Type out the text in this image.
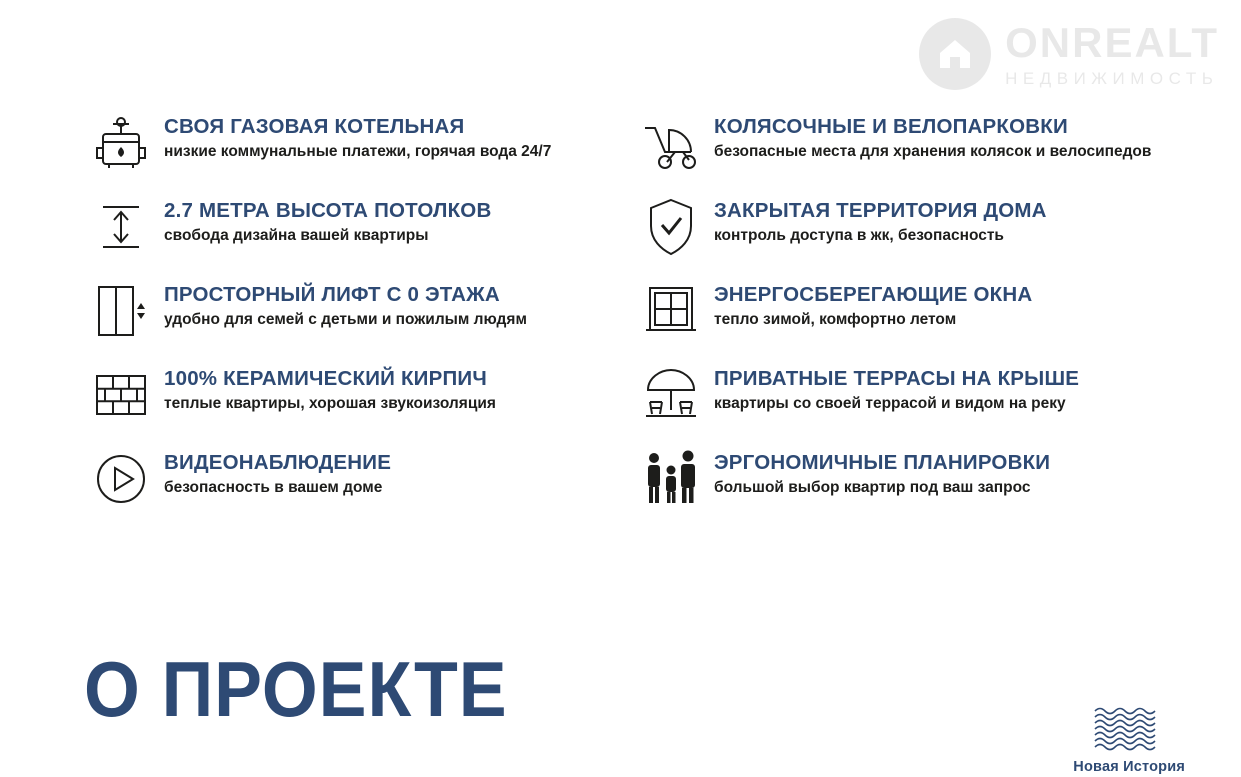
ONREALT
НЕДВИЖИМОСТЬ
СВОЯ ГАЗОВАЯ КОТЕЛЬНАЯ
низкие коммунальные платежи, горячая вода 24/7
2.7 МЕТРА ВЫСОТА ПОТОЛКОВ
свобода дизайна вашей квартиры
ПРОСТОРНЫЙ ЛИФТ С 0 ЭТАЖА
удобно для семей с детьми и пожилым людям
100% КЕРАМИЧЕСКИЙ КИРПИЧ
теплые квартиры, хорошая звукоизоляция
ВИДЕОНАБЛЮДЕНИЕ
безопасность в вашем доме
КОЛЯСОЧНЫЕ И ВЕЛОПАРКОВКИ
безопасные места для хранения колясок и велосипедов
ЗАКРЫТАЯ ТЕРРИТОРИЯ ДОМА
контроль доступа в жк, безопасность
ЭНЕРГОСБЕРЕГАЮЩИЕ ОКНА
тепло зимой, комфортно летом
ПРИВАТНЫЕ ТЕРРАСЫ НА КРЫШЕ
квартиры со своей террасой и видом на реку
ЭРГОНОМИЧНЫЕ ПЛАНИРОВКИ
большой выбор квартир под ваш запрос
О ПРОЕКТЕ
Новая История
